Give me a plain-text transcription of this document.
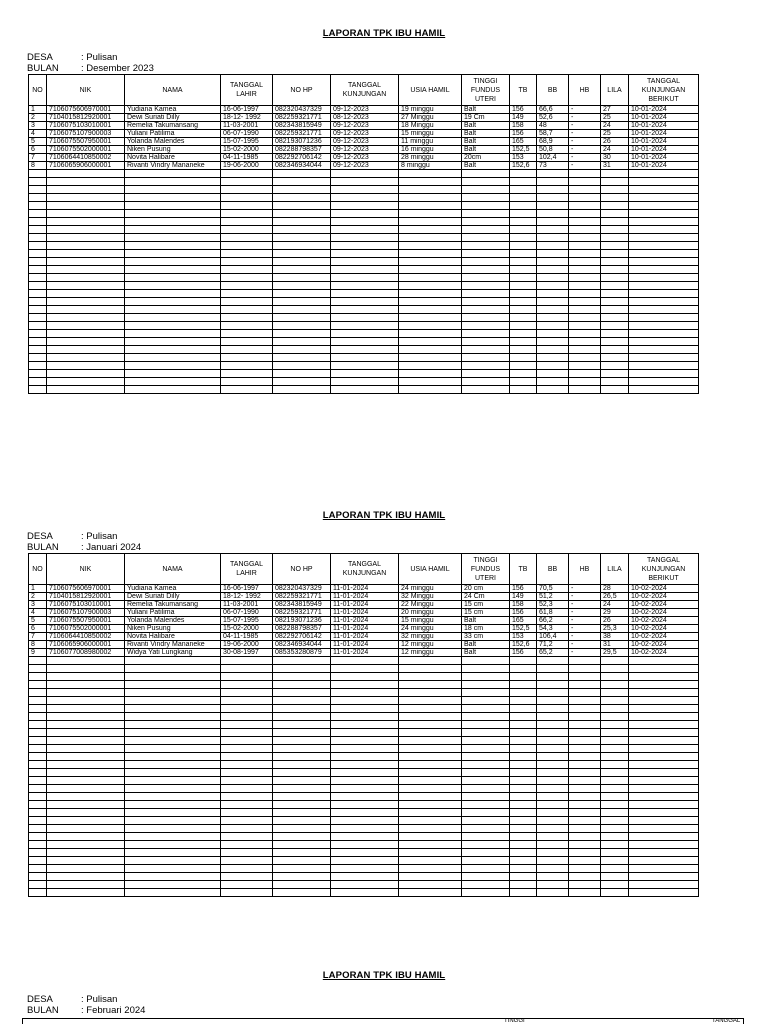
LAPORAN TPK IBU HAMIL
DESA	: Pulisan
BULAN	: Desember 2023
NO	NIK	NAMA	TANGGAL LAHIR	NO HP	TANGGAL KUNJUNGAN	USIA HAMIL	TINGGI FUNDUS UTERI	TB	BB	HB	LILA	TANGGAL KUNJUNGAN BERIKUT
1	7106075606970001	Yudiana Kamea	16-06-1997	082320437329	09-12-2023	19 minggu	Balt	156	66,6	-	27	10-01-2024
2	7104015812920001	Dewi Suriati Dilly	18-12- 1992	082259321771	08-12-2023	27 Minggu	19 Cm	149	52,6	-	25	10-01-2024
3	7106075103010001	Remelia Takumansang	11-03-2001	082343815949	09-12-2023	18 Minggu	Balt	158	48	-	24	10-01-2024
4	7106075107900003	Yuliani Patilima	06-07-1990	082259321771	09-12-2023	15 minggu	Balt	156	58,7	-	25	10-01-2024
5	7106075507950001	Yolanda Malendes	15-07-1995	082193071236	09-12-2023	11 minggu	Balt	165	68,9	-	26	10-01-2024
6	7106075502000001	Niken Pusung	15-02-2000	082288798357	09-12-2023	16 minggu	Balt	152,5	50,8	-	24	10-01-2024
7	7106064410850002	Novita Halibare	04-11-1985	082292706142	09-12-2023	28 minggu	20cm	153	102,4	-	30	10-01-2024
8	7106065906000001	Rivanti Vindry Mananeke	19-06-2000	082346934044	09-12-2023	8 minggu	Balt	152,6	73	-	31	10-01-2024

LAPORAN TPK IBU HAMIL
DESA	: Pulisan
BULAN	: Januari 2024
NO	NIK	NAMA	TANGGAL LAHIR	NO HP	TANGGAL KUNJUNGAN	USIA HAMIL	TINGGI FUNDUS UTERI	TB	BB	HB	LILA	TANGGAL KUNJUNGAN BERIKUT
1	7106075606970001	Yudiana Kamea	16-06-1997	082320437329	11-01-2024	24 minggu	20 cm	156	70,5	-	28	10-02-2024
2	7104015812920001	Dewi Suriati Dilly	18-12- 1992	082259321771	11-01-2024	32 Minggu	24 Cm	149	51,2	-	26,5	10-02-2024
3	7106075103010001	Remelia Takumansang	11-03-2001	082343815949	11-01-2024	22 Minggu	15 cm	158	52,3	-	24	10-02-2024
4	7106075107900003	Yuliani Patilima	06-07-1990	082259321771	11-01-2024	20 minggu	15 cm	156	61,8	-	29	10-02-2024
5	7106075507950001	Yolanda Malendes	15-07-1995	082193071236	11-01-2024	15 minggu	Balt	165	66,2	-	26	10-02-2024
6	7106075502000001	Niken Pusung	15-02-2000	082288798357	11-01-2024	24 minggu	18 cm	152,5	54,3	-	25,3	10-02-2024
7	7106064410850002	Novita Halibare	04-11-1985	082292706142	11-01-2024	32 minggu	33 cm	153	106,4	-	38	10-02-2024
8	7106065906000001	Rivanti Vindry Mananeke	19-06-2000	082346934044	11-01-2024	12 minggu	Balt	152,6	71,2	-	31	10-02-2024
9	7106077008980002	Widya Yati Lungkang	30-08-1997	085353280879	11-01-2024	12 minggu	Balt	156	65,2	-	29,5	10-02-2024

LAPORAN TPK IBU HAMIL
DESA	: Pulisan
BULAN	: Februari 2024
TINGGI	TANGGAL
